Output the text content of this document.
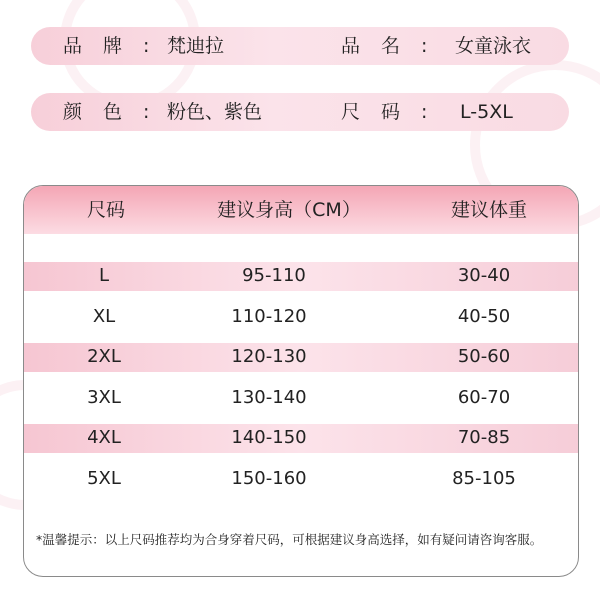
品牌:
梵迪拉	品名: 女童泳衣
颜色:
粉色、紫色	尺码: L-5XL
尺码	建议身高（CM）	建议体重
L	95-110	30-40
XL	110-120	40-50
2XL	120-130	50-60
3XL	130-140	60-70
4XL	140-150	70-85
5XL	150-160	85-105
*温馨提示：以上尺码推荐均为合身穿着尺码，可根据建议身高选择，如有疑问请咨询客服。
